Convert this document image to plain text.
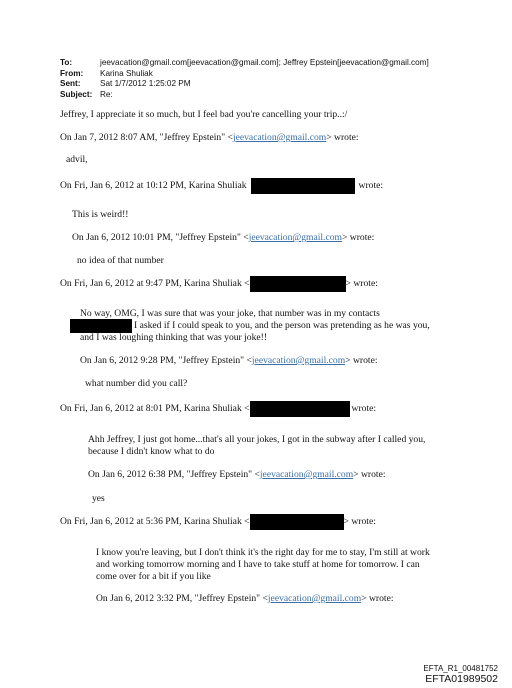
To:	jeevacation@gmail.com[jeevacation@gmail.com]; Jeffrey Epstein[jeevacation@gmail.com]
From:	Karina Shuliak
Sent:	Sat 1/7/2012 1:25:02 PM
Subject: Re:
Jeffrey, I appreciate it so much, but I feel bad you're cancelling your trip..:/
On Jan 7, 2012 8:07 AM, "Jeffrey Epstein" <jeevacation@gmail.com> wrote:
advil,
On Fri, Jan 6, 2012 at 10:12 PM, Karina Shuliak	wrote:
This is weird!!
On Jan 6, 2012 10:01 PM, "Jeffrey Epstein" <jeevacation@gmail.com> wrote:
no idea of that number
On Fri, Jan 6, 2012 at 9:47 PM, Karina Shuliak <	> wrote:
No way, OMG, I was sure that was your joke, that number was in my contacts
I asked if I could speak to you, and the person was pretending as he was you,
and I was loughing thinking that was your joke!!
On Jan 6, 2012 9:28 PM, "Jeffrey Epstein" <jeevacation@gmail.com> wrote:
what number did you call?
On Fri, Jan 6, 2012 at 8:01 PM, Karina Shuliak <	wrote:
Ahh Jeffrey, I just got home...that's all your jokes, I got in the subway after I called you,
because I didn't know what to do
On Jan 6, 2012 6:38 PM, "Jeffrey Epstein" <jeevacation@gmail.com> wrote:
yes
On Fri, Jan 6, 2012 at 5:36 PM, Karina Shuliak <	> wrote:
I know you're leaving, but I don't think it's the right day for me to stay, I'm still at work
and working tomorrow morning and I have to take stuff at home for tomorrow. I can
come over for a bit if you like
On Jan 6, 2012 3:32 PM, "Jeffrey Epstein" <jeevacation@gmail.com> wrote:
EFTA_R1_00481752
EFTA01989502
